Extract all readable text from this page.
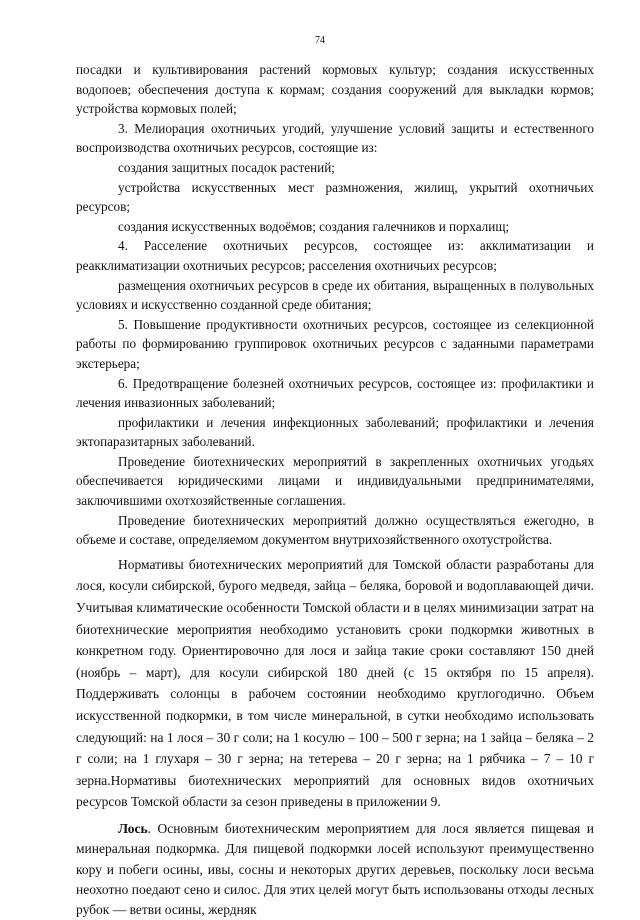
74

посадки и культивирования растений кормовых культур; создания искусственных водопоев; обеспечения доступа к кормам; создания сооружений для выкладки кормов; устройства кормовых полей;

3. Мелиорация охотничьих угодий, улучшение условий защиты и естественного воспроизводства охотничьих ресурсов, состоящие из:

создания защитных посадок растений;

устройства искусственных мест размножения, жилищ, укрытий охотничьих ресурсов;

создания искусственных водоёмов; создания галечников и порхалищ;

4. Расселение охотничьих ресурсов, состоящее из: акклиматизации и реакклиматизации охотничьих ресурсов; расселения охотничьих ресурсов;

размещения охотничьих ресурсов в среде их обитания, выращенных в полувольных условиях и искусственно созданной среде обитания;

5. Повышение продуктивности охотничьих ресурсов, состоящее из селекционной работы по формированию группировок охотничьих ресурсов с заданными параметрами экстерьера;

6. Предотвращение болезней охотничьих ресурсов, состоящее из: профилактики и лечения инвазионных заболеваний;

профилактики и лечения инфекционных заболеваний; профилактики и лечения эктопаразитарных заболеваний.

Проведение биотехнических мероприятий в закрепленных охотничьих угодьях обеспечивается юридическими лицами и индивидуальными предпринимателями, заключившими охотхозяйственные соглашения.

Проведение биотехнических мероприятий должно осуществляться ежегодно, в объеме и составе, определяемом документом внутрихозяйственного охотустройства.

Нормативы биотехнических мероприятий для Томской области разработаны для лося, косули сибирской, бурого медведя, зайца – беляка, боровой и водоплавающей дичи. Учитывая климатические особенности Томской области и в целях минимизации затрат на биотехнические мероприятия необходимо установить сроки подкормки животных в конкретном году. Ориентировочно для лося и зайца такие сроки составляют 150 дней (ноябрь – март), для косули сибирской 180 дней (с 15 октября по 15 апреля). Поддерживать солонцы в рабочем состоянии необходимо круглогодично. Объем искусственной подкормки, в том числе минеральной, в сутки необходимо использовать следующий: на 1 лося – 30 г соли; на 1 косулю – 100 – 500 г зерна; на 1 зайца – беляка – 2 г соли; на 1 глухаря – 30 г зерна; на тетерева – 20 г зерна; на 1 рябчика – 7 – 10 г зерна.Нормативы биотехнических мероприятий для основных видов охотничьих ресурсов Томской области за сезон приведены в приложении 9.

Лось. Основным биотехническим мероприятием для лося является пищевая и минеральная подкормка. Для пищевой подкормки лосей используют преимущественно кору и побеги осины, ивы, сосны и некоторых других деревьев, поскольку лоси весьма неохотно поедают сено и силос. Для этих целей могут быть использованы отходы лесных рубок — ветви осины, жердняк
